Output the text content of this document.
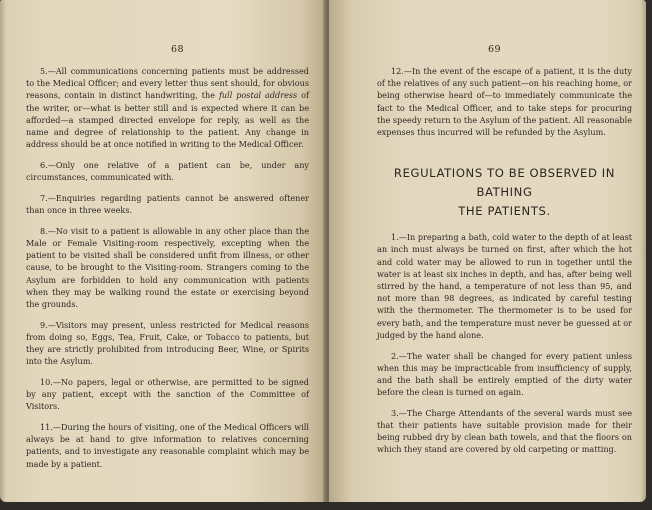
68

5.—All communications concerning patients must be addressed to the Medical Officer; and every letter thus sent should, for obvious reasons, contain in distinct handwriting, the full postal address of the writer, or—what is better still and is expected where it can be afforded—a stamped directed envelope for reply, as well as the name and degree of relationship to the patient. Any change in address should be at once notified in writing to the Medical Officer.

6.—Only one relative of a patient can be, under any circumstances, communicated with.

7.—Enquiries regarding patients cannot be answered oftener than once in three weeks.

8.—No visit to a patient is allowable in any other place than the Male or Female Visiting-room respectively, excepting when the patient to be visited shall be considered unfit from illness, or other cause, to be brought to the Visiting-room. Strangers coming to the Asylum are forbidden to hold any communication with patients when they may be walking round the estate or exercising beyond the grounds.

9.—Visitors may present, unless restricted for Medical reasons from doing so, Eggs, Tea, Fruit, Cake, or Tobacco to patients, but they are strictly prohibited from introducing Beer, Wine, or Spirits into the Asylum.

10.—No papers, legal or otherwise, are permitted to be signed by any patient, except with the sanction of the Committee of Visitors.

11.—During the hours of visiting, one of the Medical Officers will always be at hand to give information to relatives concerning patients, and to investigate any reasonable complaint which may be made by a patient.

69

12.—In the event of the escape of a patient, it is the duty of the relatives of any such patient—on his reaching home, or being otherwise heard of—to immediately communicate the fact to the Medical Officer, and to take steps for procuring the speedy return to the Asylum of the patient. All reasonable expenses thus incurred will be refunded by the Asylum.

REGULATIONS TO BE OBSERVED IN BATHING
THE PATIENTS.

1.—In preparing a bath, cold water to the depth of at least an inch must always be turned on first, after which the hot and cold water may be allowed to run in together until the water is at least six inches in depth, and has, after being well stirred by the hand, a temperature of not less than 95, and not more than 98 degrees, as indicated by careful testing with the thermometer. The thermometer is to be used for every bath, and the temperature must never be guessed at or judged by the hand alone.

2.—The water shall be changed for every patient unless when this may be impracticable from insufficiency of supply, and the bath shall be entirely emptied of the dirty water before the clean is turned on again.

3.—The Charge Attendants of the several wards must see that their patients have suitable provision made for their being rubbed dry by clean bath towels, and that the floors on which they stand are covered by old carpeting or matting.
